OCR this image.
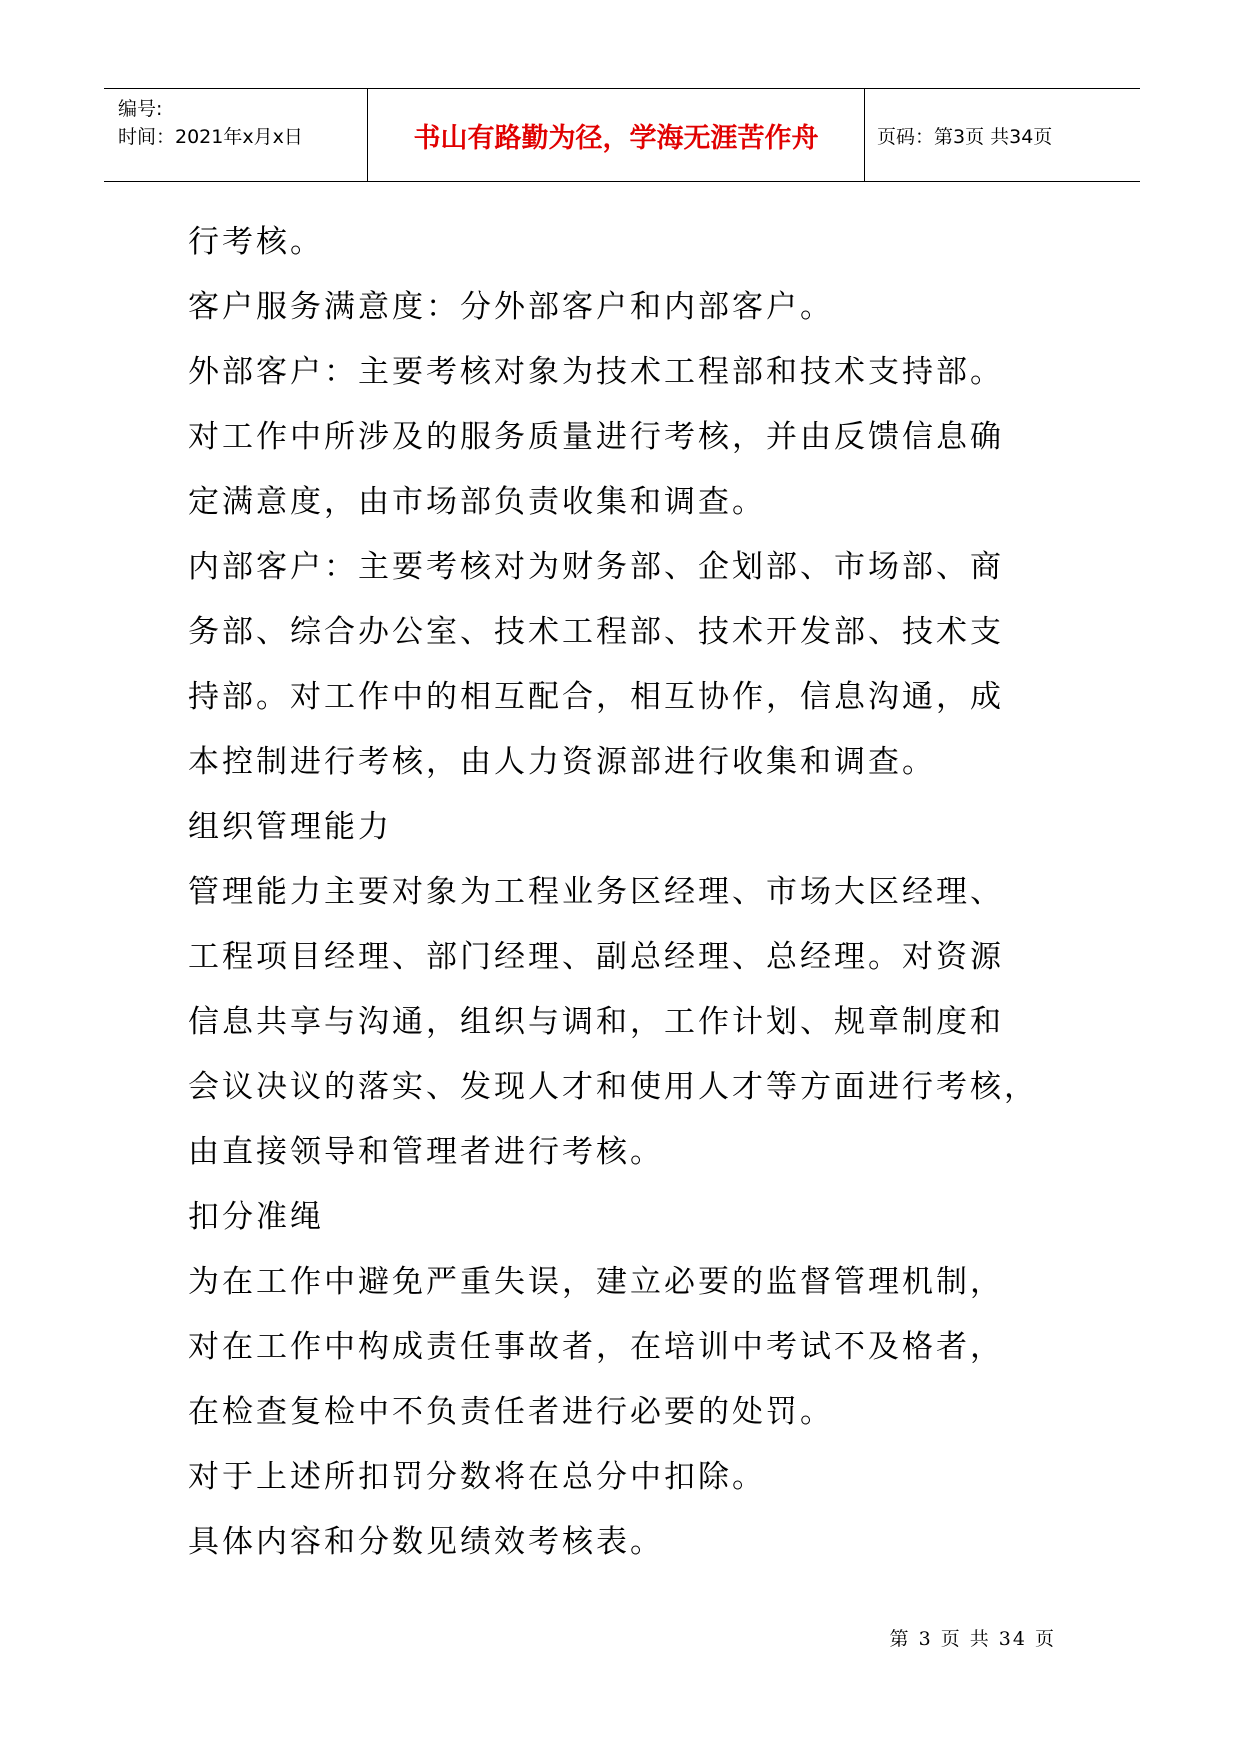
编号:
时间：2021年x月x日	书山有路勤为径，学海无涯苦作舟	页码：第3页 共34页

行考核。

客户服务满意度：分外部客户和内部客户。

外部客户：主要考核对象为技术工程部和技术支持部。

对工作中所涉及的服务质量进行考核，并由反馈信息确

定满意度，由市场部负责收集和调查。

内部客户：主要考核对为财务部、企划部、市场部、商

务部、综合办公室、技术工程部、技术开发部、技术支

持部。对工作中的相互配合，相互协作，信息沟通，成

本控制进行考核，由人力资源部进行收集和调查。

组织管理能力

管理能力主要对象为工程业务区经理、市场大区经理、

工程项目经理、部门经理、副总经理、总经理。对资源

信息共享与沟通，组织与调和，工作计划、规章制度和

会议决议的落实、发现人才和使用人才等方面进行考核，

由直接领导和管理者进行考核。

扣分准绳

为在工作中避免严重失误，建立必要的监督管理机制，

对在工作中构成责任事故者，在培训中考试不及格者，

在检查复检中不负责任者进行必要的处罚。

对于上述所扣罚分数将在总分中扣除。

具体内容和分数见绩效考核表。

第 3 页 共 34 页
